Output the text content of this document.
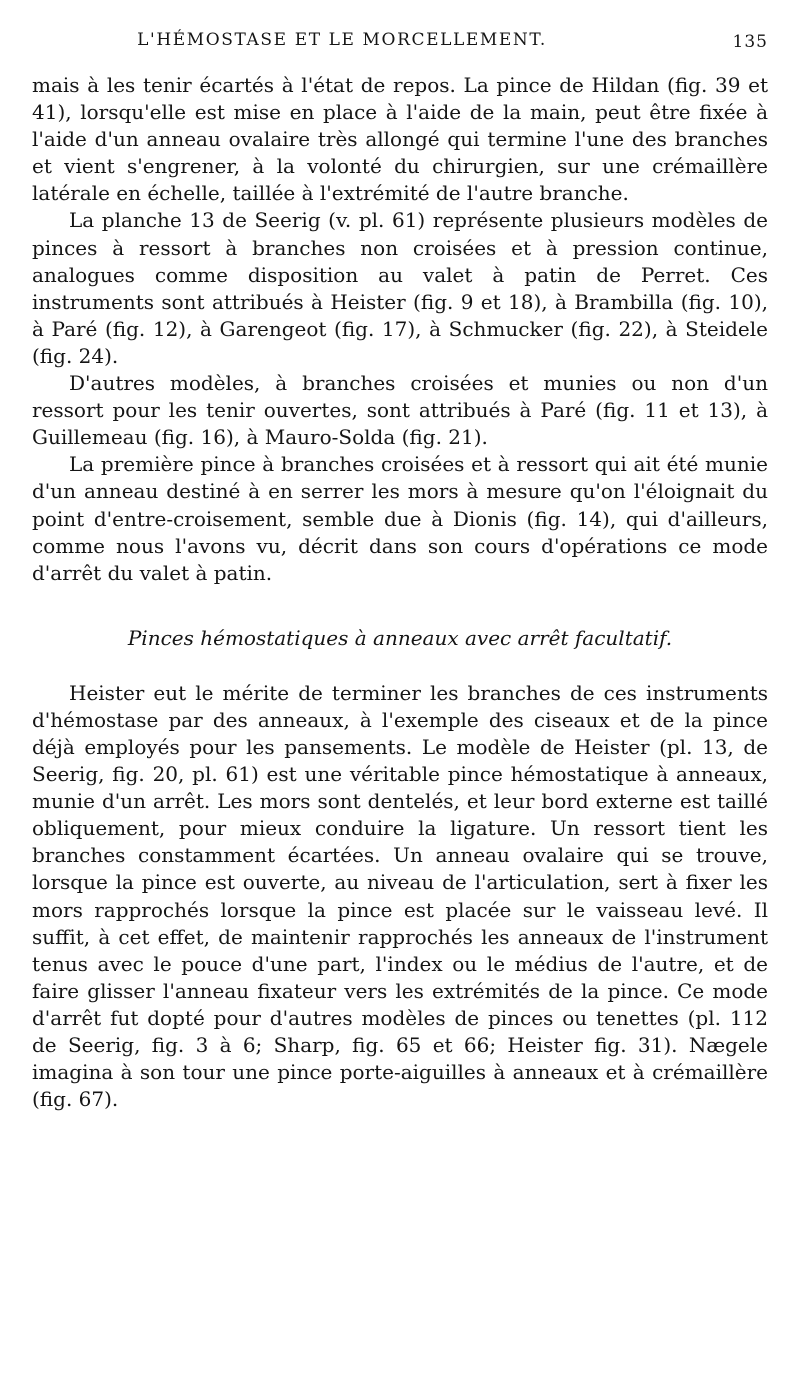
L'HÉMOSTASE ET LE MORCELLEMENT.	135

mais à les tenir écartés à l'état de repos. La pince de Hildan (fig. 39 et 41), lorsqu'elle est mise en place à l'aide de la main, peut être fixée à l'aide d'un anneau ovalaire très allongé qui termine l'une des branches et vient s'engrener, à la volonté du chirurgien, sur une crémaillère latérale en échelle, taillée à l'extrémité de l'autre branche.

La planche 13 de Seerig (v. pl. 61) représente plusieurs modèles de pinces à ressort à branches non croisées et à pression continue, analogues comme disposition au valet à patin de Perret. Ces instruments sont attribués à Heister (fig. 9 et 18), à Brambilla (fig. 10), à Paré (fig. 12), à Garengeot (fig. 17), à Schmucker (fig. 22), à Steidele (fig. 24).

D'autres modèles, à branches croisées et munies ou non d'un ressort pour les tenir ouvertes, sont attribués à Paré (fig. 11 et 13), à Guillemeau (fig. 16), à Mauro-Solda (fig. 21).

La première pince à branches croisées et à ressort qui ait été munie d'un anneau destiné à en serrer les mors à mesure qu'on l'éloignait du point d'entre-croisement, semble due à Dionis (fig. 14), qui d'ailleurs, comme nous l'avons vu, décrit dans son cours d'opérations ce mode d'arrêt du valet à patin.

Pinces hémostatiques à anneaux avec arrêt facultatif.

Heister eut le mérite de terminer les branches de ces instruments d'hémostase par des anneaux, à l'exemple des ciseaux et de la pince déjà employés pour les pansements. Le modèle de Heister (pl. 13, de Seerig, fig. 20, pl. 61) est une véritable pince hémostatique à anneaux, munie d'un arrêt. Les mors sont dentelés, et leur bord externe est taillé obliquement, pour mieux conduire la ligature. Un ressort tient les branches constamment écartées. Un anneau ovalaire qui se trouve, lorsque la pince est ouverte, au niveau de l'articulation, sert à fixer les mors rapprochés lorsque la pince est placée sur le vaisseau levé. Il suffit, à cet effet, de maintenir rapprochés les anneaux de l'instrument tenus avec le pouce d'une part, l'index ou le médius de l'autre, et de faire glisser l'anneau fixateur vers les extrémités de la pince. Ce mode d'arrêt fut dopté pour d'autres modèles de pinces ou tenettes (pl. 112 de Seerig, fig. 3 à 6; Sharp, fig. 65 et 66; Heister fig. 31). Nægele imagina à son tour une pince porte-aiguilles à anneaux et à crémaillère (fig. 67).
